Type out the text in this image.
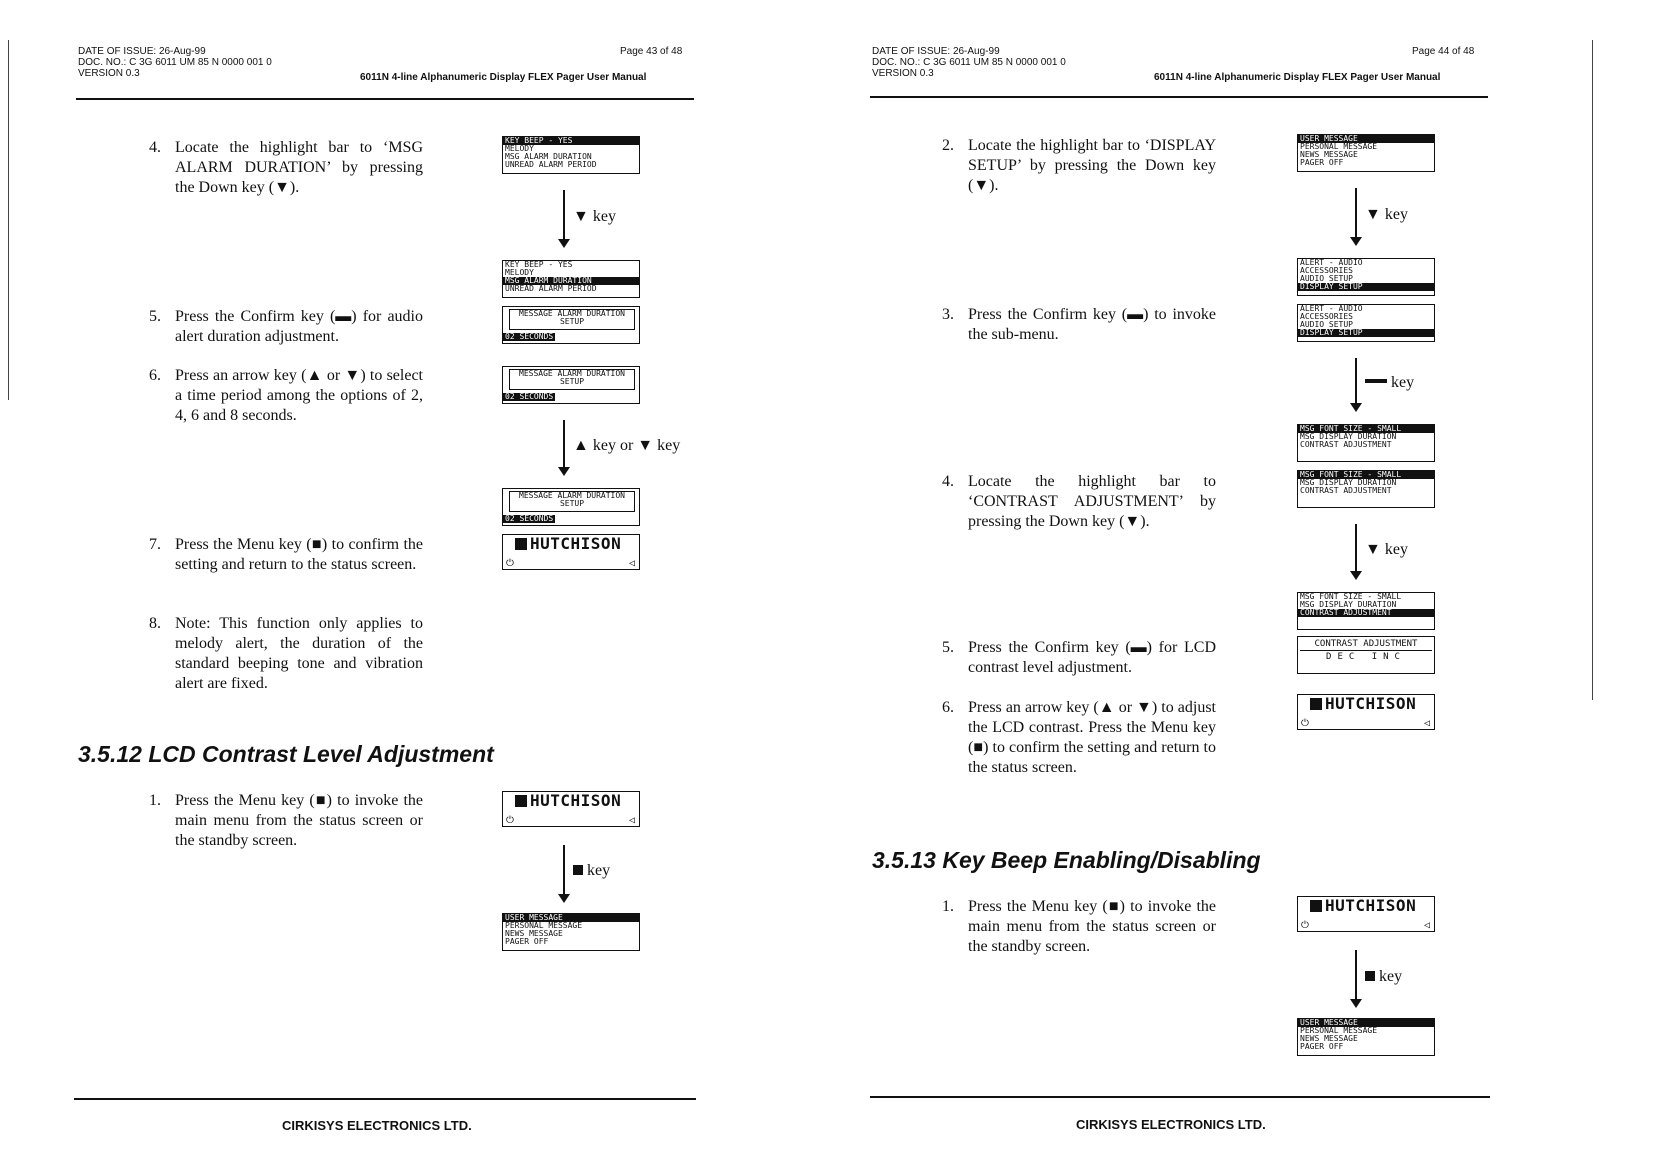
DATE OF ISSUE: 26-Aug-99
DOC. NO.: C 3G 6011 UM 85 N 0000 001 0
VERSION 0.3
Page 43 of 48
6011N 4-line Alphanumeric Display FLEX Pager User Manual
4. Locate the highlight bar to ‘MSG ALARM DURATION’ by pressing the Down key (▼).
5. Press the Confirm key (▬) for audio alert duration adjustment.
6. Press an arrow key (▲ or ▼) to select a time period among the options of 2, 4, 6 and 8 seconds.
7. Press the Menu key (■) to confirm the setting and return to the status screen.
8. Note: This function only applies to melody alert, the duration of the standard beeping tone and vibration alert are fixed.
3.5.12 LCD Contrast Level Adjustment
1. Press the Menu key (■) to invoke the main menu from the status screen or the standby screen.
KEY BEEP - YES
MELODY
MSG ALARM DURATION
UNREAD ALARM PERIOD
▼ key
KEY BEEP - YES
MELODY
MSG ALARM DURATION
UNREAD ALARM PERIOD
MESSAGE ALARM DURATION SETUP
02 SECONDS
MESSAGE ALARM DURATION SETUP
02 SECONDS
▲ key or ▼ key
MESSAGE ALARM DURATION SETUP
02 SECONDS
HUTCHISON
⏻	◁
HUTCHISON
⏻	◁
key
USER MESSAGE
PERSONAL MESSAGE
NEWS MESSAGE
PAGER OFF
CIRKISYS ELECTRONICS LTD.
DATE OF ISSUE: 26-Aug-99
DOC. NO.: C 3G 6011 UM 85 N 0000 001 0
VERSION 0.3
Page 44 of 48
6011N 4-line Alphanumeric Display FLEX Pager User Manual
2. Locate the highlight bar to ‘DISPLAY SETUP’ by pressing the Down key (▼).
3. Press the Confirm key (▬) to invoke the sub-menu.
4. Locate the highlight bar to ‘CONTRAST ADJUSTMENT’ by pressing the Down key (▼).
5. Press the Confirm key (▬) for LCD contrast level adjustment.
6. Press an arrow key (▲ or ▼) to adjust the LCD contrast. Press the Menu key (■) to confirm the setting and return to the status screen.
3.5.13 Key Beep Enabling/Disabling
1. Press the Menu key (■) to invoke the main menu from the status screen or the standby screen.
USER MESSAGE
PERSONAL MESSAGE
NEWS MESSAGE
PAGER OFF
▼ key
ALERT - AUDIO
ACCESSORIES
AUDIO SETUP
DISPLAY SETUP
ALERT - AUDIO
ACCESSORIES
AUDIO SETUP
DISPLAY SETUP
key
MSG FONT SIZE - SMALL
MSG DISPLAY DURATION
CONTRAST ADJUSTMENT
MSG FONT SIZE - SMALL
MSG DISPLAY DURATION
CONTRAST ADJUSTMENT
▼ key
MSG FONT SIZE - SMALL
MSG DISPLAY DURATION
CONTRAST ADJUSTMENT
CONTRAST ADJUSTMENT
DEC INC
HUTCHISON
⏻	◁
HUTCHISON
⏻	◁
key
USER MESSAGE
PERSONAL MESSAGE
NEWS MESSAGE
PAGER OFF
CIRKISYS ELECTRONICS LTD.
